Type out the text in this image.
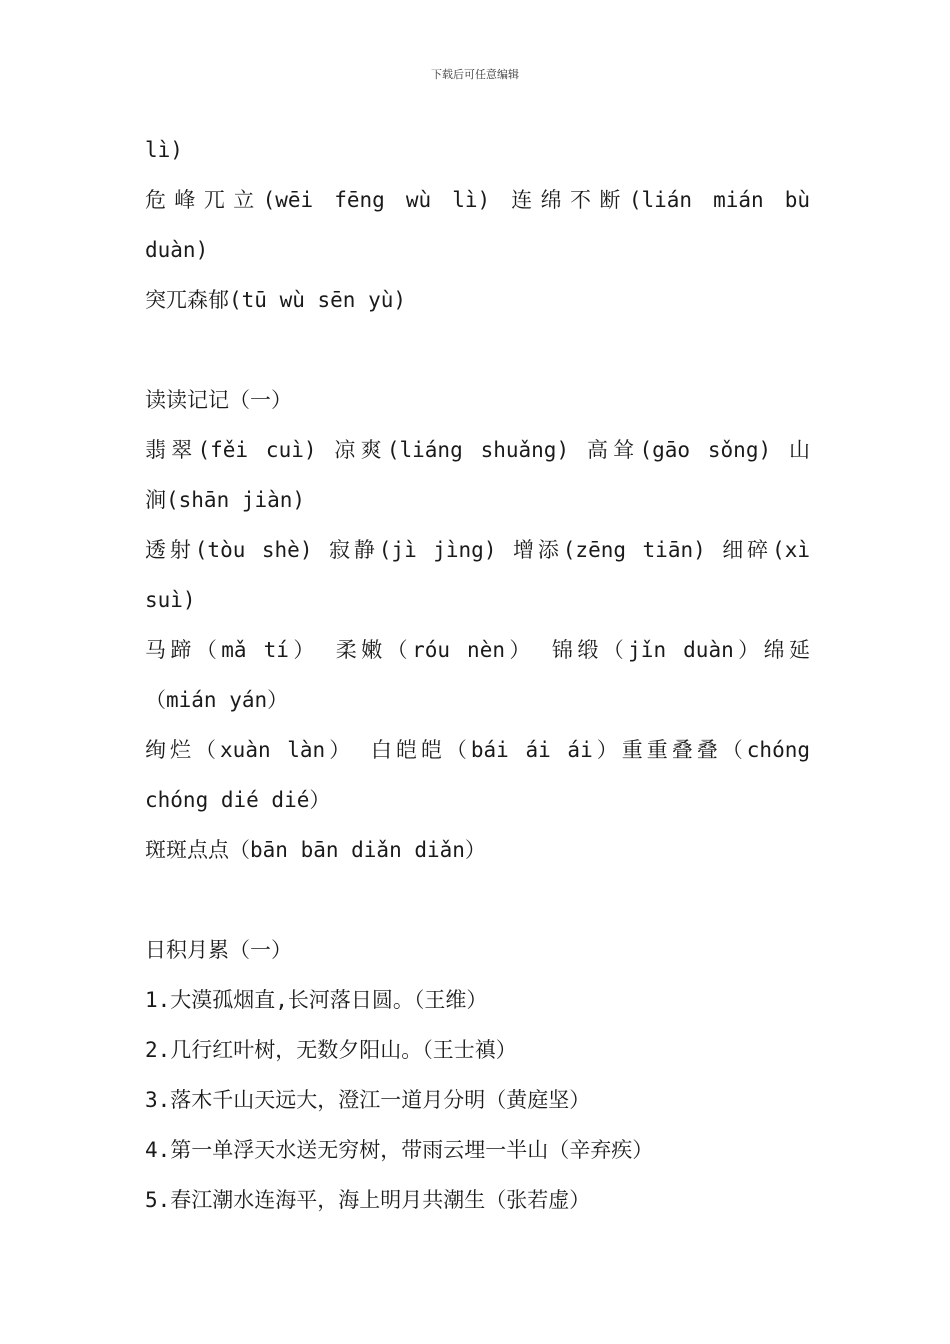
下载后可任意编辑
lì)
危峰兀立(wēi fēng wù lì) 连绵不断(lián mián bù
duàn)
突兀森郁(tū wù sēn yù)
读读记记（一）
翡翠(fěi cuì) 凉爽(liáng shuǎng) 高耸(gāo sǒng) 山
涧(shān jiàn)
透射(tòu shè) 寂静(jì jìng) 增添(zēng tiān) 细碎(xì
suì)
马蹄（mǎ tí） 柔嫩（róu nèn） 锦缎（jǐn duàn）绵延
（mián yán）
绚烂（xuàn làn） 白皑皑（bái ái ái）重重叠叠（chóng
chóng dié dié）
斑斑点点（bān bān diǎn diǎn）
日积月累（一）
1.大漠孤烟直,长河落日圆。（王维）
2.几行红叶树，无数夕阳山。（王士禛）
3.落木千山天远大，澄江一道月分明（黄庭坚）
4.第一单浮天水送无穷树，带雨云埋一半山（辛弃疾）
5.春江潮水连海平，海上明月共潮生（张若虚）
